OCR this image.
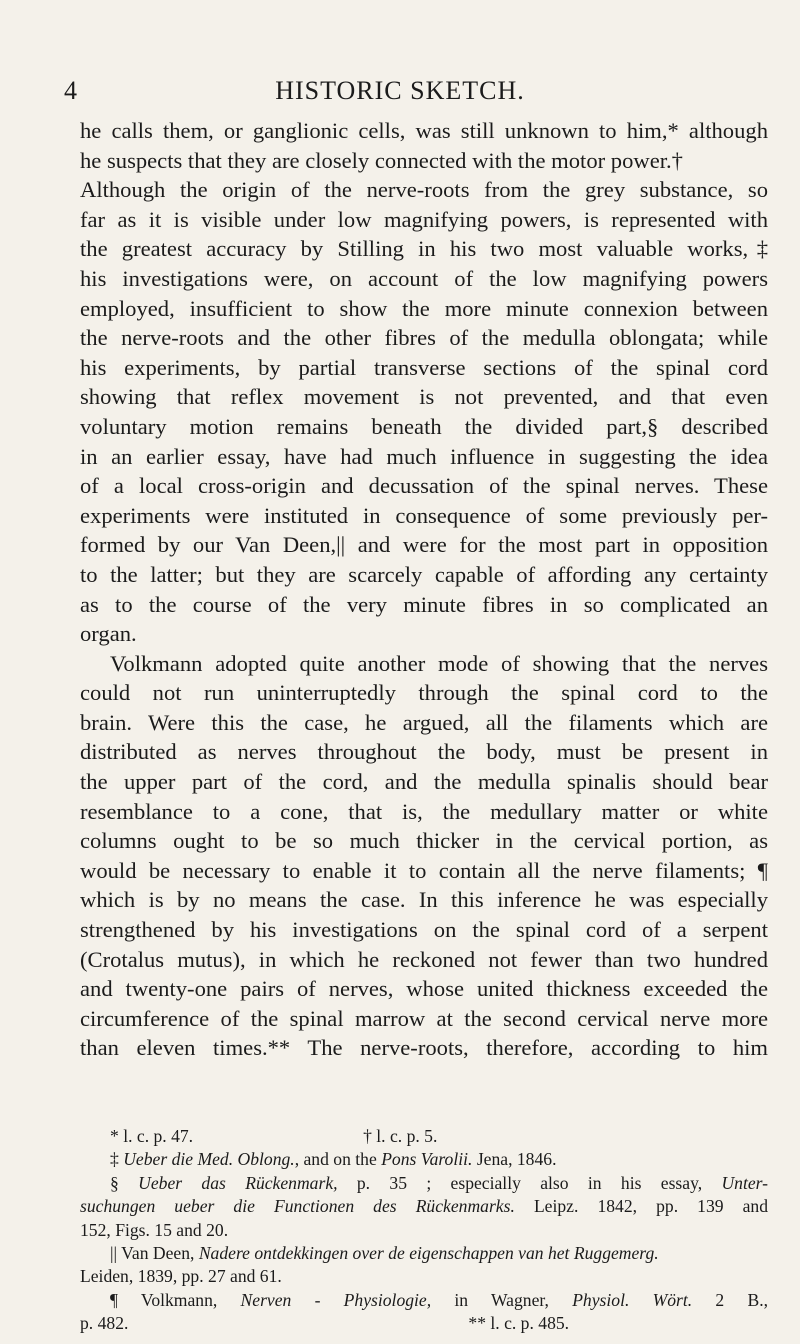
4	HISTORIC SKETCH.
he calls them, or ganglionic cells, was still unknown to him,* although
he suspects that they are closely connected with the motor power.†
Although the origin of the nerve-roots from the grey substance, so
far as it is visible under low magnifying powers, is represented with
the greatest accuracy by Stilling in his two most valuable works,‡
his investigations were, on account of the low magnifying powers
employed, insufficient to show the more minute connexion between
the nerve-roots and the other fibres of the medulla oblongata; while
his experiments, by partial transverse sections of the spinal cord
showing that reflex movement is not prevented, and that even
voluntary motion remains beneath the divided part,§ described
in an earlier essay, have had much influence in suggesting the idea
of a local cross-origin and decussation of the spinal nerves. These
experiments were instituted in consequence of some previously per-
formed by our Van Deen,|| and were for the most part in opposition
to the latter; but they are scarcely capable of affording any certainty
as to the course of the very minute fibres in so complicated an
organ.
Volkmann adopted quite another mode of showing that the nerves
could not run uninterruptedly through the spinal cord to the
brain. Were this the case, he argued, all the filaments which are
distributed as nerves throughout the body, must be present in
the upper part of the cord, and the medulla spinalis should bear
resemblance to a cone, that is, the medullary matter or white
columns ought to be so much thicker in the cervical portion, as
would be necessary to enable it to contain all the nerve filaments; ¶
which is by no means the case. In this inference he was especially
strengthened by his investigations on the spinal cord of a serpent
(Crotalus mutus), in which he reckoned not fewer than two hundred
and twenty-one pairs of nerves, whose united thickness exceeded the
circumference of the spinal marrow at the second cervical nerve more
than eleven times.** The nerve-roots, therefore, according to him
* l. c. p. 47.	† l. c. p. 5.
‡ Ueber die Med. Oblong., and on the Pons Varolii. Jena, 1846.
§ Ueber das Rückenmark, p. 35 ; especially also in his essay, Unter-
suchungen ueber die Functionen des Rückenmarks. Leipz. 1842, pp. 139 and
152, Figs. 15 and 20.
|| Van Deen, Nadere ontdekkingen over de eigenschappen van het Ruggemerg.
Leiden, 1839, pp. 27 and 61.
¶ Volkmann, Nerven - Physiologie, in Wagner, Physiol. Wört. 2 B.,
p. 482.	** l. c. p. 485.
